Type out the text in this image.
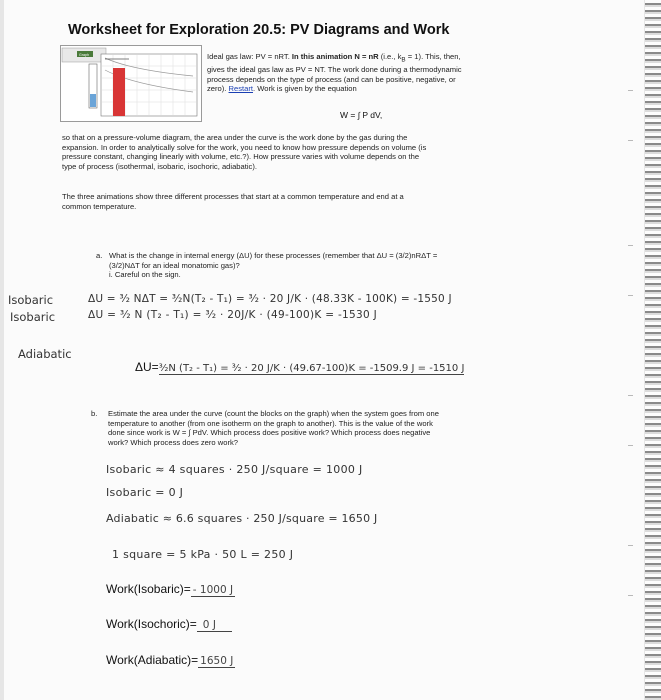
Worksheet for Exploration 20.5: PV Diagrams and Work
Graph	Ideal gas law: PV = nRT. In this animation N = nR (i.e., $k_B = 1$). This, then,
gives the ideal gas law as PV = NT. The work done during a thermodynamic
process depends on the type of process (and can be positive, negative, or
zero). Restart. Work is given by the equation

W = ∫ P dV,

so that on a pressure-volume diagram, the area under the curve is the work done by the gas during the
expansion. In order to analytically solve for the work, you need to know how pressure depends on volume (is
pressure constant, changing linearly with volume, etc.?). How pressure varies with volume depends on the
type of process (isothermal, isobaric, isochoric, adiabatic).

The three animations show three different processes that start at a common temperature and end at a
common temperature.

a. What is the change in internal energy (ΔU) for these processes (remember that ΔU = (3/2)nRΔT =
(3/2)NΔT for an ideal monatomic gas)?
i. Careful on the sign.

Isobaric	ΔU = ³⁄₂ NΔT = ³⁄₂N(T₂ - T₁) = ³⁄₂ · 20 J/K · (48.33K - 100K) = -1550 J

Isobaric	ΔU = ³⁄₂ N (T₂ - T₁) = ³⁄₂ · 20J/K · (49-100)K = -1530 J

Adiabatic

ΔU=³⁄₂N (T₂ - T₁) = ³⁄₂ · 20 J/K · (49.67-100)K = -1509.9 J = -1510 J

b. Estimate the area under the curve (count the blocks on the graph) when the system goes from one
temperature to another (from one isotherm on the graph to another). This is the value of the work
done since work is W = ∫ PdV. Which process does positive work? Which process does negative
work? Which process does zero work?

Isobaric ≈ 4 squares · 250 J/square = 1000 J

Isobaric = 0 J

Adiabatic ≈ 6.6 squares · 250 J/square = 1650 J

1 square = 5 kPa · 50 L = 250 J

Work(Isobaric)= - 1000 J

Work(Isochoric)= 0 J

Work(Adiabatic)= 1650 J
